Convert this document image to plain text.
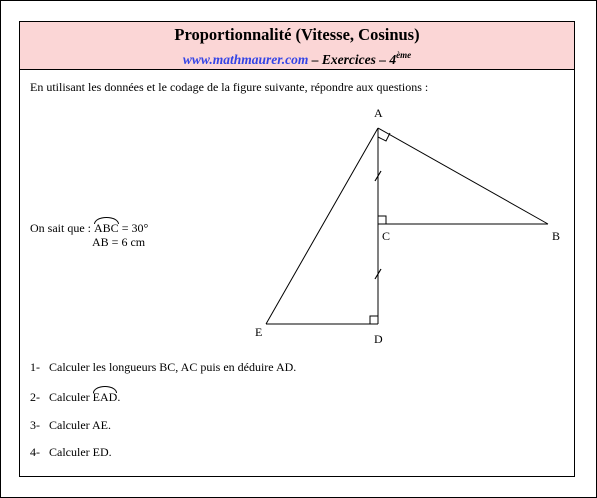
Proportionnalité (Vitesse, Cosinus)
www.mathmaurer.com – Exercices – 4ème
En utilisant les données et le codage de la figure suivante, répondre aux questions :
A
B
C
D
E
On sait que : ABC = 30°
AB = 6 cm
1- Calculer les longueurs BC, AC puis en déduire AD.
2- Calculer EAD.
3- Calculer AE.
4- Calculer ED.
